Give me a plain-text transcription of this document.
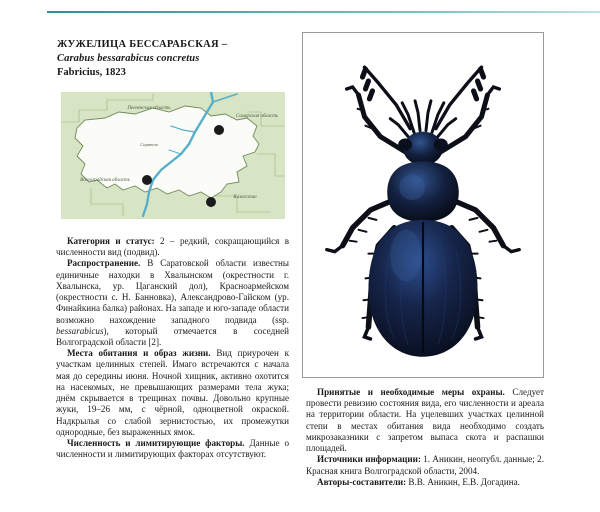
ЖУЖЕЛИЦА БЕССАРАБСКАЯ –
Carabus bessarabicus concretus
Fabricius, 1823
Пензенская область
Самарская область
Волгоградская область
Казахстан
Саратов

Категория и статус: 2 – редкий, сокращающийся в численности вид (подвид).

Распространение. В Саратовской области известны единичные находки в Хвалынском (окрестности г. Хвалынска, ур. Цаганский дол), Красноармейском (окрестности с. Н. Банновка), Александрово-Гайском (ур. Финайкина балка) районах. На западе и юго-западе области возможно нахождение западного подвида (ssp. bessarabicus), который отмечается в соседней Волгоградской области [2].

Места обитания и образ жизни. Вид приурочен к участкам целинных степей. Имаго встречаются с начала мая до середины июня. Ночной хищник, активно охотится на насекомых, не превышающих размерами тела жука; днём скрывается в трещинах почвы. Довольно крупные жуки, 19–26 мм, с чёрной, одноцветной окраской. Надкрылья со слабой зернистостью, их промежутки однородные, без выраженных ямок.

Численность и лимитирующие факторы. Данные о численности и лимитирующих факторах отсутствуют.

Принятые и необходимые меры охраны. Следует провести ревизию состояния вида, его численности и ареала на территории области. На уцелевших участках целинной степи в местах обитания вида необходимо создать микрозаказники с запретом выпаса скота и распашки площадей.

Источники информации: 1. Аникин, неопубл. данные; 2. Красная книга Волгоградской области, 2004.

Авторы-составители: В.В. Аникин, Е.В. Догадина.
